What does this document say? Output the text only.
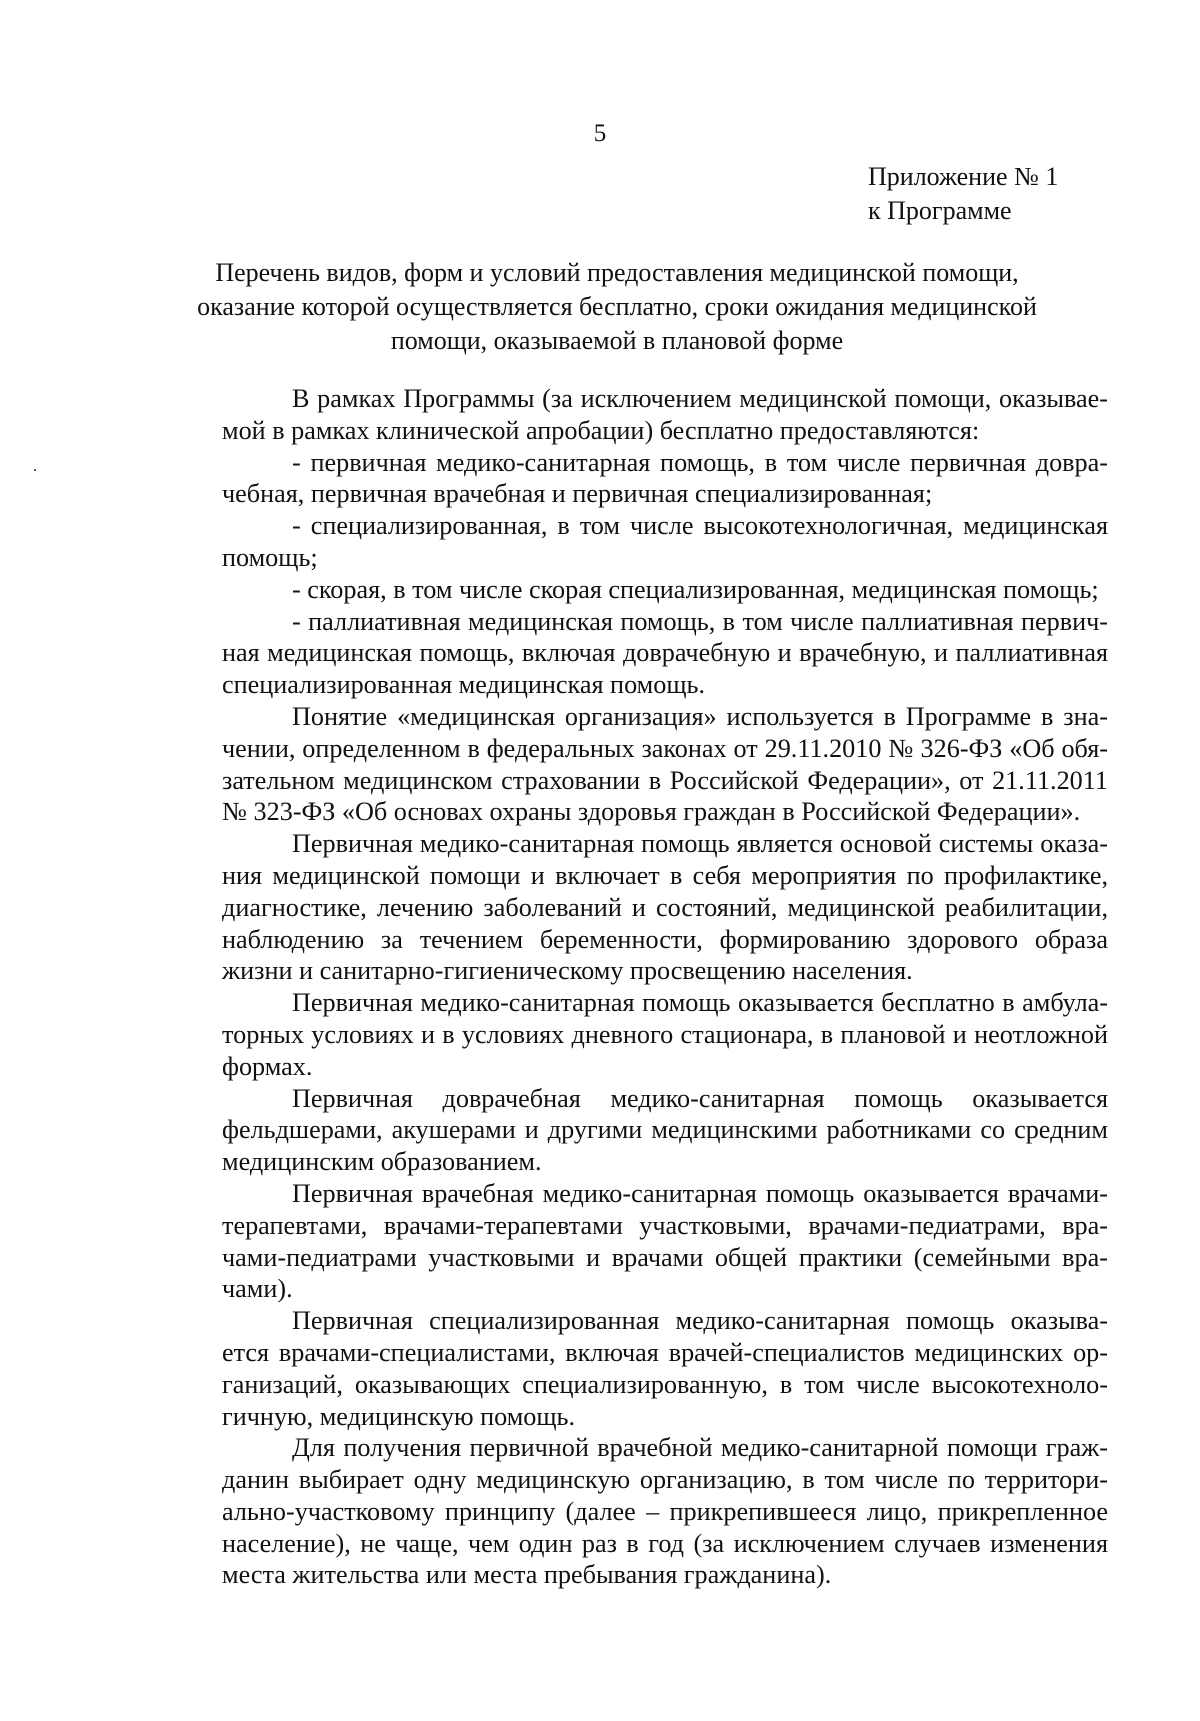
5
Приложение № 1
к Программе
Перечень видов, форм и условий предоставления медицинской помощи,
оказание которой осуществляется бесплатно, сроки ожидания медицинской
помощи, оказываемой в плановой форме
В рамках Программы (за исключением медицинской помощи, оказывае-
мой в рамках клинической апробации) бесплатно предоставляются:
- первичная медико-санитарная помощь, в том числе первичная довра-
чебная, первичная врачебная и первичная специализированная;
- специализированная, в том числе высокотехнологичная, медицинская
помощь;
- скорая, в том числе скорая специализированная, медицинская помощь;
- паллиативная медицинская помощь, в том числе паллиативная первич-
ная медицинская помощь, включая доврачебную и врачебную, и паллиативная
специализированная медицинская помощь.
Понятие «медицинская организация» используется в Программе в зна-
чении, определенном в федеральных законах от 29.11.2010 № 326-ФЗ «Об обя-
зательном медицинском страховании в Российской Федерации», от 21.11.2011
№ 323-ФЗ «Об основах охраны здоровья граждан в Российской Федерации».
Первичная медико-санитарная помощь является основой системы оказа-
ния медицинской помощи и включает в себя мероприятия по профилактике,
диагностике, лечению заболеваний и состояний, медицинской реабилитации,
наблюдению за течением беременности, формированию здорового образа
жизни и санитарно-гигиеническому просвещению населения.
Первичная медико-санитарная помощь оказывается бесплатно в амбула-
торных условиях и в условиях дневного стационара, в плановой и неотложной
формах.
Первичная доврачебная медико-санитарная помощь оказывается
фельдшерами, акушерами и другими медицинскими работниками со средним
медицинским образованием.
Первичная врачебная медико-санитарная помощь оказывается врачами-
терапевтами, врачами-терапевтами участковыми, врачами-педиатрами, вра-
чами-педиатрами участковыми и врачами общей практики (семейными вра-
чами).
Первичная специализированная медико-санитарная помощь оказыва-
ется врачами-специалистами, включая врачей-специалистов медицинских ор-
ганизаций, оказывающих специализированную, в том числе высокотехноло-
гичную, медицинскую помощь.
Для получения первичной врачебной медико-санитарной помощи граж-
данин выбирает одну медицинскую организацию, в том числе по территори-
ально-участковому принципу (далее – прикрепившееся лицо, прикрепленное
население), не чаще, чем один раз в год (за исключением случаев изменения
места жительства или места пребывания гражданина).
